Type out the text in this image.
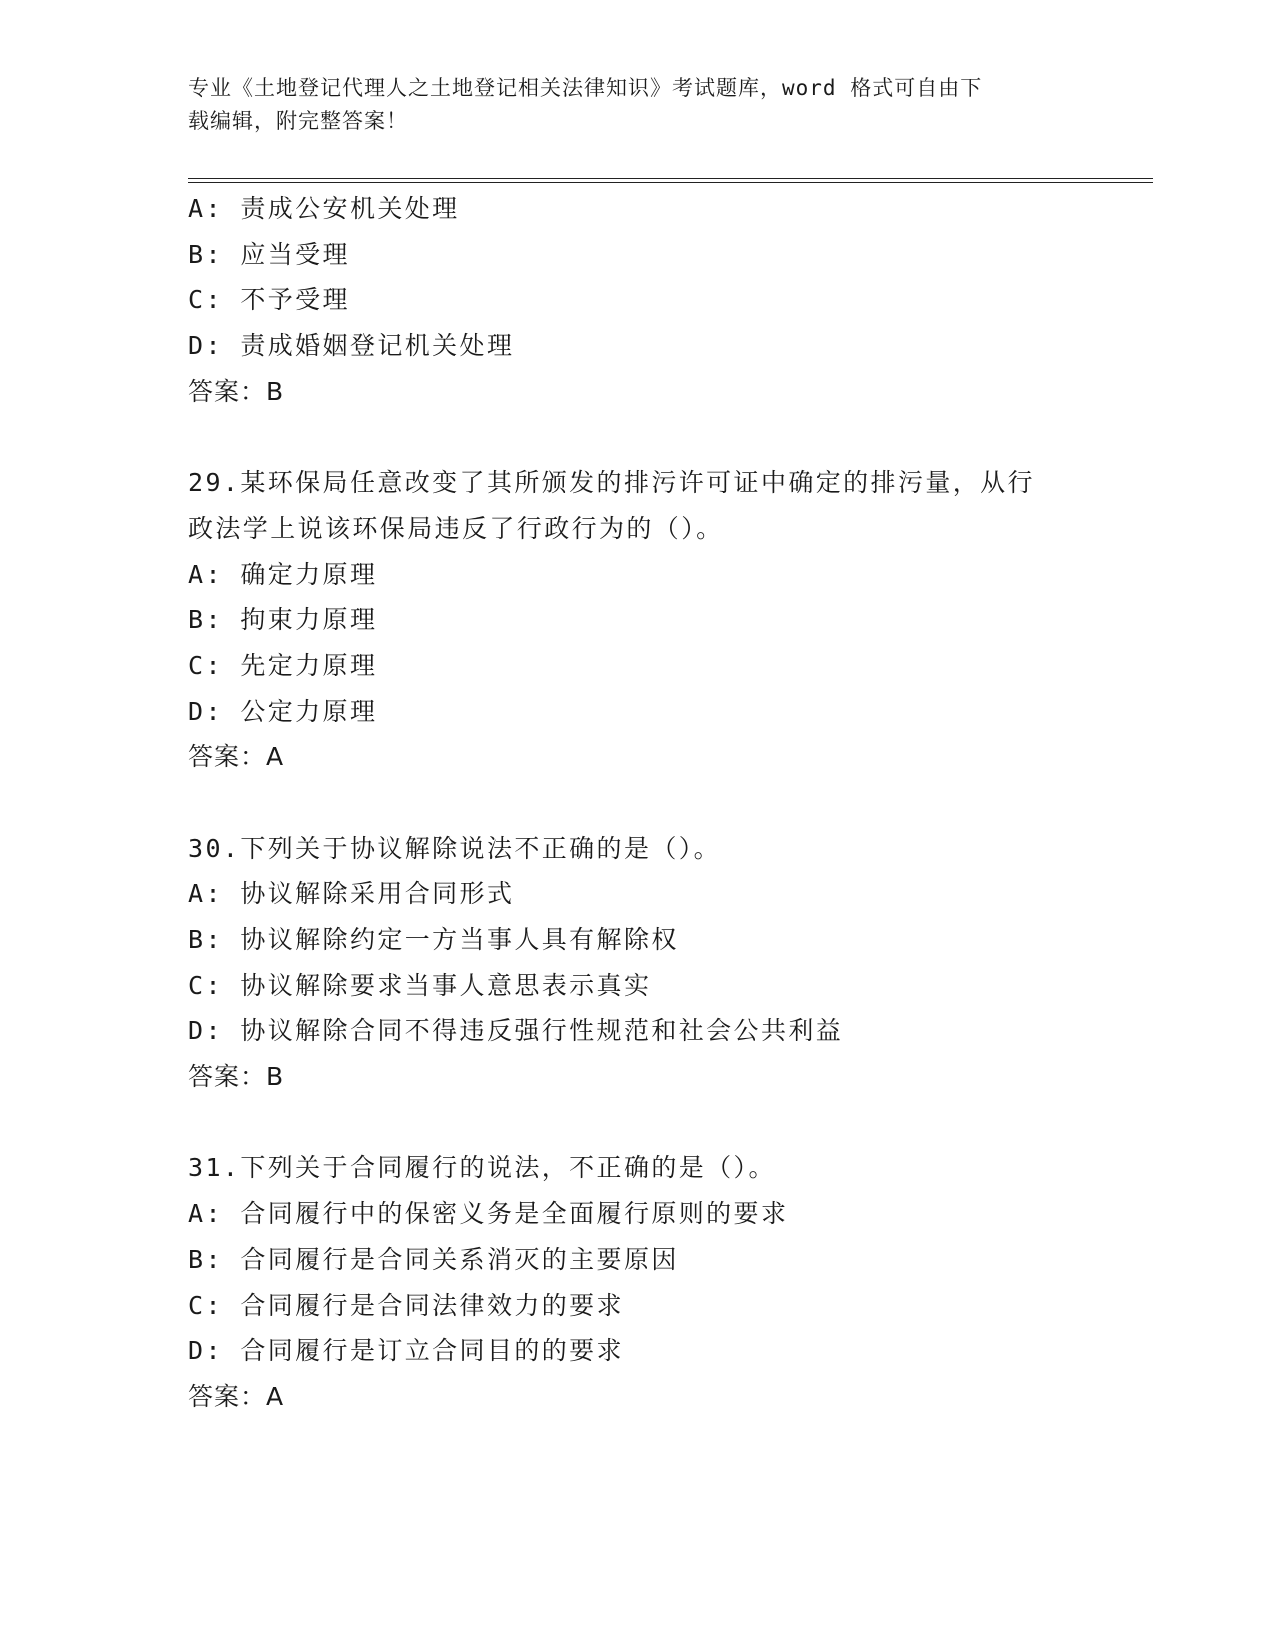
专业《土地登记代理人之土地登记相关法律知识》考试题库，word 格式可自由下
载编辑，附完整答案！
A: 责成公安机关处理
B: 应当受理
C: 不予受理
D: 责成婚姻登记机关处理
答案：B
29.某环保局任意改变了其所颁发的排污许可证中确定的排污量，从行
政法学上说该环保局违反了行政行为的（）。
A: 确定力原理
B: 拘束力原理
C: 先定力原理
D: 公定力原理
答案：A
30.下列关于协议解除说法不正确的是（）。
A: 协议解除采用合同形式
B: 协议解除约定一方当事人具有解除权
C: 协议解除要求当事人意思表示真实
D: 协议解除合同不得违反强行性规范和社会公共利益
答案：B
31.下列关于合同履行的说法，不正确的是（）。
A: 合同履行中的保密义务是全面履行原则的要求
B: 合同履行是合同关系消灭的主要原因
C: 合同履行是合同法律效力的要求
D: 合同履行是订立合同目的的要求
答案：A
